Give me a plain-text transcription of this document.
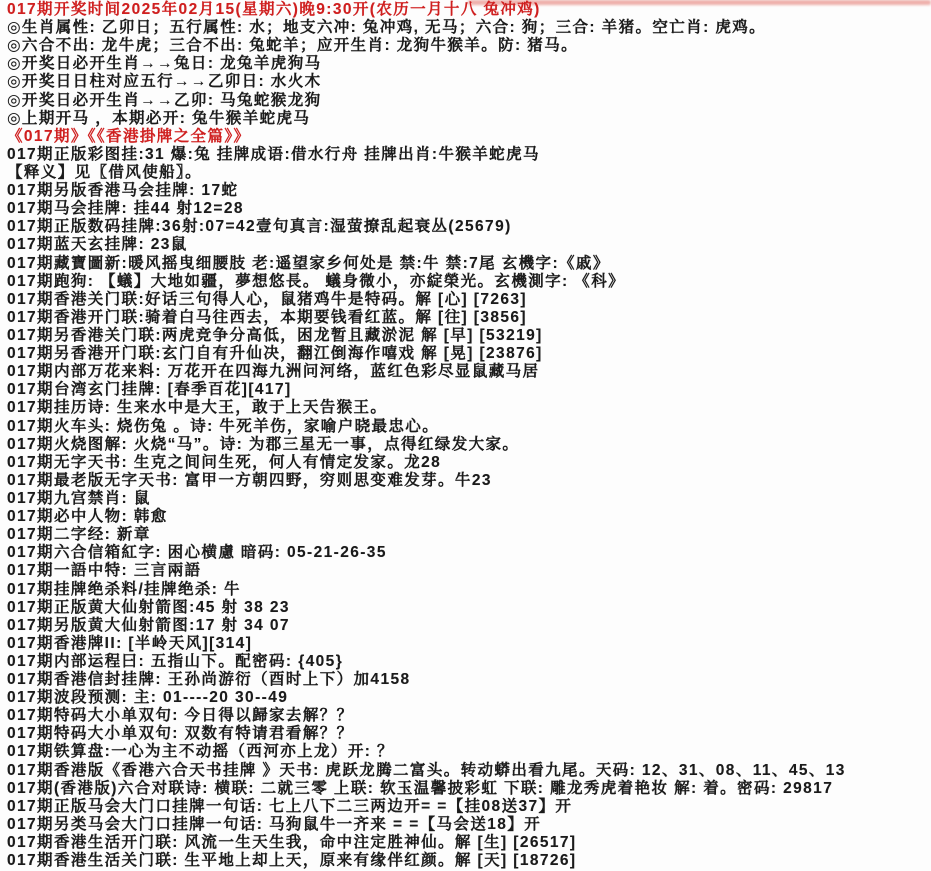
017期开奖时间2025年02月15(星期六)晚9:30开(农历一月十八 兔冲鸡)
◎生肖属性: 乙卯日；五行属性: 水；地支六冲: 兔冲鸡, 无马；六合: 狗；三合: 羊猪。空亡肖: 虎鸡。
◎六合不出: 龙牛虎；三合不出: 兔蛇羊；应开生肖: 龙狗牛猴羊。防: 猪马。
◎开奖日必开生肖→→兔日: 龙兔羊虎狗马
◎开奖日日柱对应五行→→乙卯日: 水火木
◎开奖日必开生肖→→乙卯: 马兔蛇猴龙狗
◎上期开马 ，本期必开: 兔牛猴羊蛇虎马
《017期》《《香港掛牌之全篇》》
017期正版彩图挂:31 爆:兔 挂牌成语:借水行舟 挂牌出肖:牛猴羊蛇虎马
【释义】见〖借风使船〗。
017期另版香港马会挂牌: 17蛇
017期马会挂牌: 挂44 射12=28
017期正版数码挂牌:36射:07=42壹句真言:湿萤撩乱起衰丛(25679)
017期蓝天玄挂牌: 23鼠
017期藏寶圖新:暖风摇曳细腰肢 老:遥望家乡何处是 禁:牛 禁:7尾 玄機字:《戚》
017期跑狗: 【蟻】大地如疆，夢想悠長。 蟻身微小，亦綻榮光。玄機測字: 《科》
017期香港关门联:好话三句得人心，鼠猪鸡牛是特码。解 [心] [7263]
017期香港开门联:骑着白马往西去，本期要钱看红蓝。解 [往] [3856]
017期另香港关门联:两虎竞争分高低，困龙暂且藏淤泥 解 [早] [53219]
017期另香港开门联:玄门自有升仙决，翻江倒海作嘻戏 解 [晃] [23876]
017期内部万花来料: 万花开在四海九洲问河络，蓝红色彩尽显鼠藏马居
017期台湾玄门挂牌: [春季百花][417]
017期挂历诗: 生来水中是大王，敢于上天告猴王。
017期火车头: 烧伤兔 。诗: 牛死羊伤，家喻户晓最忠心。
017期火烧图解: 火烧“马”。诗: 为郡三星无一事，点得红绿发大家。
017期无字天书: 生克之间问生死，何人有情定发家。龙28
017期最老版无字天书: 富甲一方朝四野，穷则思变难发芽。牛23
017期九宫禁肖: 鼠
017期必中人物: 韩愈
017期二字经: 新章
017期六合信箱紅字: 困心横慮 暗码: 05-21-26-35
017期一語中特: 三言兩語
017期挂牌绝杀料/挂牌绝杀: 牛
017期正版黄大仙射箭图:45 射 38 23
017期另版黄大仙射箭图:17 射 34 07
017期香港牌II: [半岭天风][314]
017期内部运程曰: 五指山下。配密码: {405}
017期香港信封挂牌: 王孙尚游衍（酉时上下）加4158
017期波段预测: 主: 01----20 30--49
017期特码大小单双句: 今日得以歸家去解？？
017期特码大小单双句: 双数有特请君看解？？
017期铁算盘:一心为主不动摇（西河亦上龙）开: ？
017期香港版《香港六合天书挂牌 》天书: 虎跃龙腾二富头。转动蟒出看九尾。天码: 12、31、08、11、45、13
017期(香港版)六合对联诗: 横联: 二就三零 上联: 软玉温馨披彩虹 下联: 雕龙秀虎着艳妆 解: 着。密码: 29817
017期正版马会大门口挂牌一句话: 七上八下二三两边开= =【挂08送37】开
017期另类马会大门口挂牌一句话: 马狗鼠牛一齐来 = =【马会送18】开
017期香港生活开门联: 风流一生天生我，命中注定胜神仙。解 [生] [26517]
017期香港生活关门联: 生平地上却上天，原来有缘伴红颜。解 [天] [18726]
